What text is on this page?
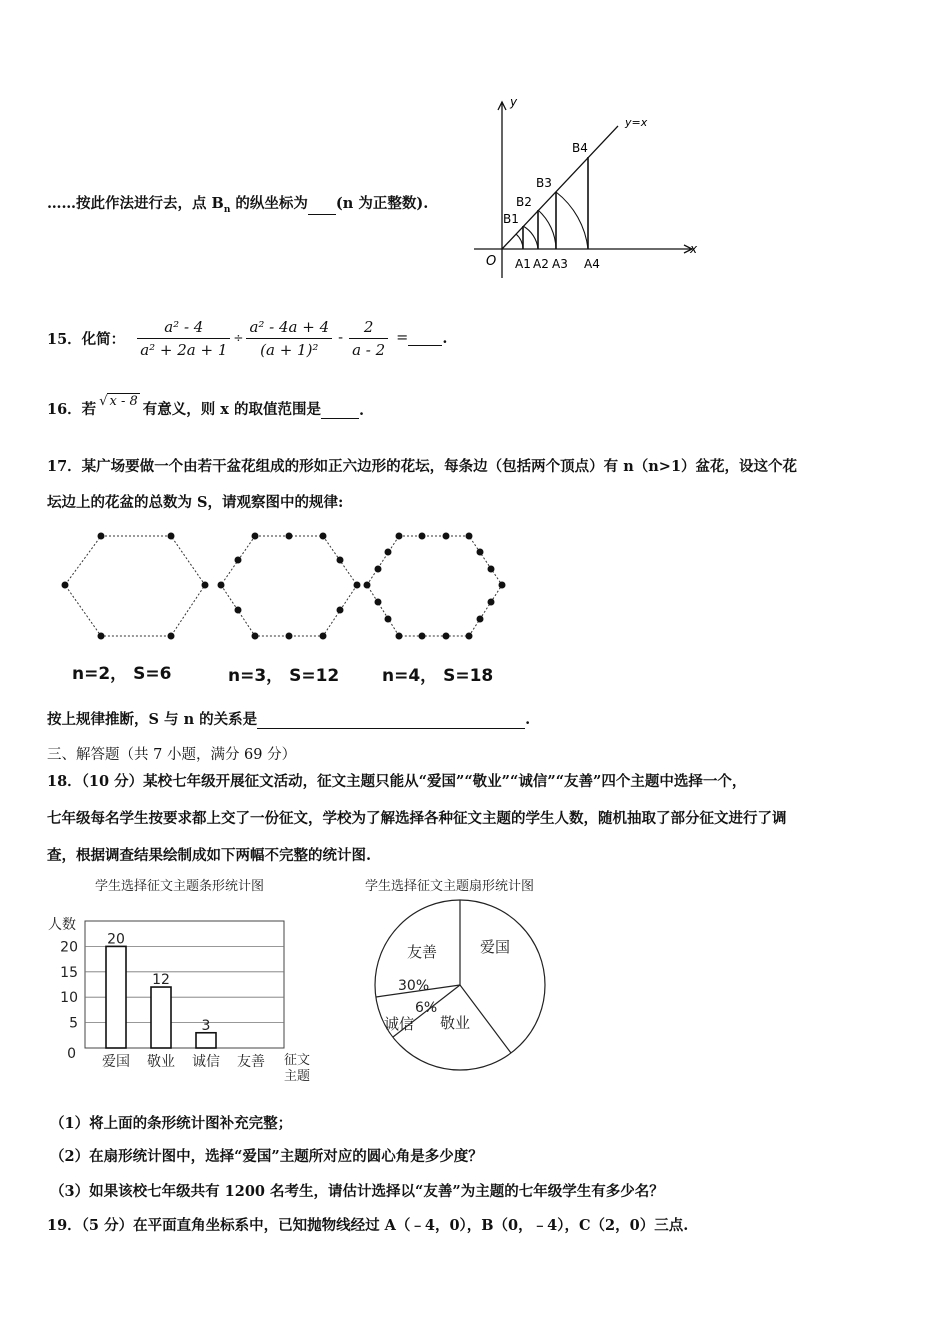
……按此作法进行去，点 $B_n$ 的纵坐标为 (n 为正整数).
y
x
O
y=x
B1
B2
B3
B4
A1 A2 A3 A4
15．化简： $\frac{\text{a² - 4}}{\text{a² + 2a + 1}} \div \frac{\text{a² - 4a + 4}}{\text{(a + 1)²}} - \frac{2}{a - 2}$ = .
16．若 √ x - 8 有意义，则 x 的取值范围是	.
17．某广场要做一个由若干盆花组成的形如正六边形的花坛，每条边（包括两个顶点）有 n（n>1）盆花，设这个花
坛边上的花盆的总数为 S，请观察图中的规律:
n=2， S=6	n=3， S=12	n=4， S=18
按上规律推断，S 与 n 的关系是	.
三、解答题（共 7 小题，满分 69 分）
18．（10 分）某校七年级开展征文活动，征文主题只能从“爱国”“敬业”“诚信”“友善”四个主题中选择一个，
七年级每名学生按要求都上交了一份征文，学校为了解选择各种征文主题的学生人数，随机抽取了部分征文进行了调
查，根据调查结果绘制成如下两幅不完整的统计图.
学生选择征文主题条形统计图
人数
20
12
3
0
5
10
15
20
爱国 敬业 诚信 友善 征文
主题
学生选择征文主题扇形统计图
友善	爱国
30%
6%
诚信 敬业
（1）将上面的条形统计图补充完整；
（2）在扇形统计图中，选择“爱国”主题所对应的圆心角是多少度？
（3）如果该校七年级共有 1200 名考生，请估计选择以“友善”为主题的七年级学生有多少名？
19．（5 分）在平面直角坐标系中，已知抛物线经过 A（﹣4，0），B（0，﹣4），C（2，0）三点.
